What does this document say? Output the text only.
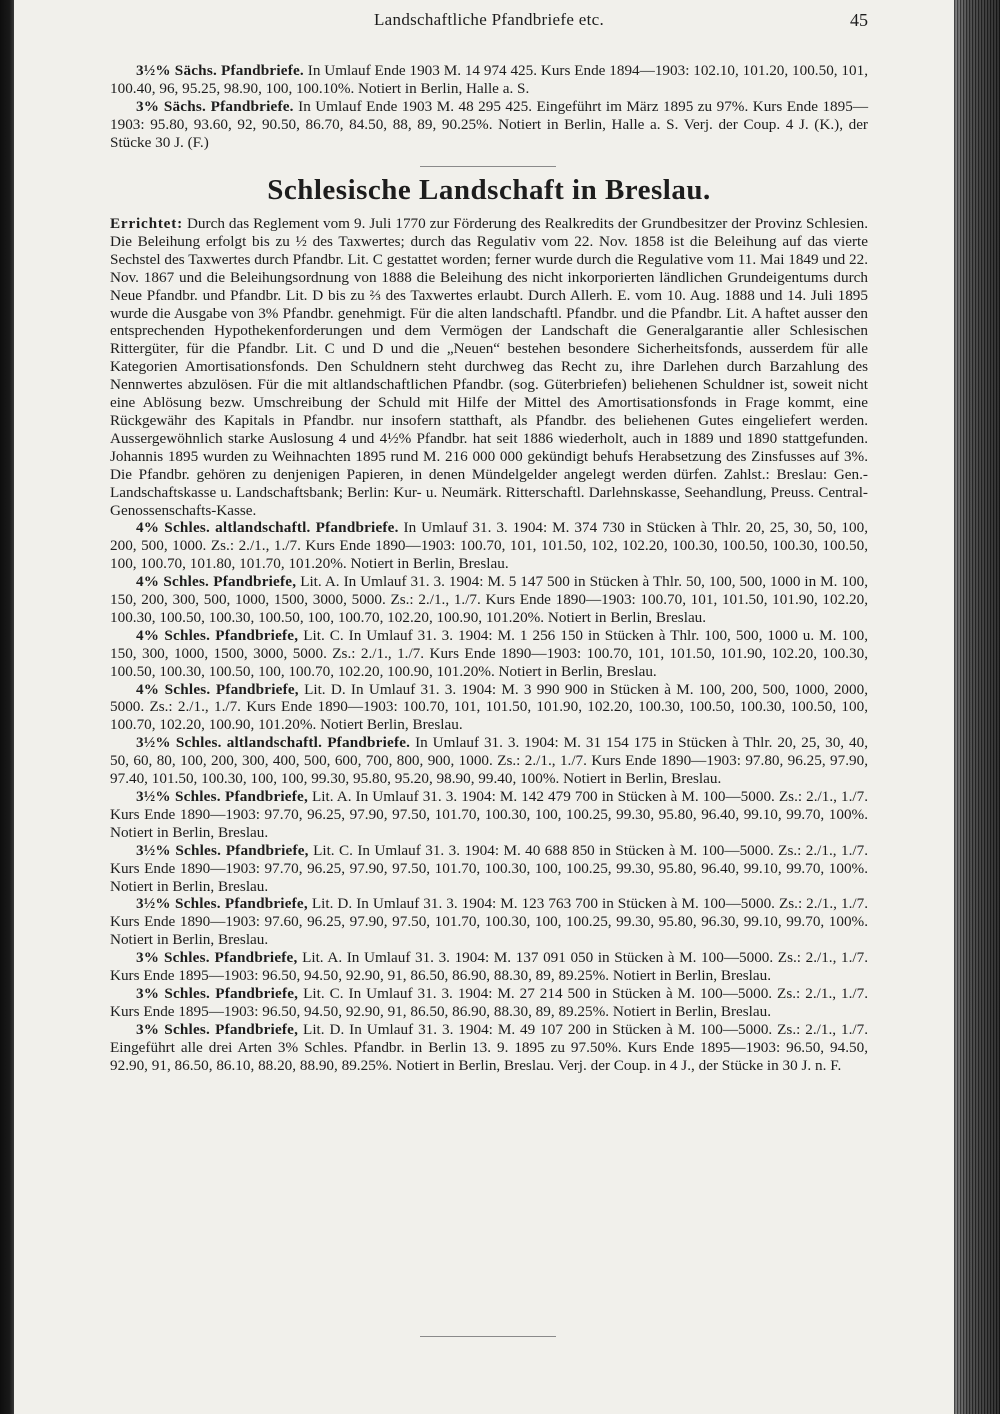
Landschaftliche Pfandbriefe etc.	45

3½% Sächs. Pfandbriefe. In Umlauf Ende 1903 M. 14 974 425. Kurs Ende 1894—1903: 102.10, 101.20, 100.50, 101, 100.40, 96, 95.25, 98.90, 100, 100.10%. Notiert in Berlin, Halle a. S.

3% Sächs. Pfandbriefe. In Umlauf Ende 1903 M. 48 295 425. Eingeführt im März 1895 zu 97%. Kurs Ende 1895—1903: 95.80, 93.60, 92, 90.50, 86.70, 84.50, 88, 89, 90.25%. Notiert in Berlin, Halle a. S. Verj. der Coup. 4 J. (K.), der Stücke 30 J. (F.)

Schlesische Landschaft in Breslau.

Errichtet: Durch das Reglement vom 9. Juli 1770 zur Förderung des Realkredits der Grundbesitzer der Provinz Schlesien. Die Beleihung erfolgt bis zu ½ des Taxwertes; durch das Regulativ vom 22. Nov. 1858 ist die Beleihung auf das vierte Sechstel des Taxwertes durch Pfandbr. Lit. C gestattet worden; ferner wurde durch die Regulative vom 11. Mai 1849 und 22. Nov. 1867 und die Beleihungsordnung von 1888 die Beleihung des nicht inkorporierten ländlichen Grundeigentums durch Neue Pfandbr. und Pfandbr. Lit. D bis zu ⅔ des Taxwertes erlaubt. Durch Allerh. E. vom 10. Aug. 1888 und 14. Juli 1895 wurde die Ausgabe von 3% Pfandbr. genehmigt. Für die alten landschaftl. Pfandbr. und die Pfandbr. Lit. A haftet ausser den entsprechenden Hypothekenforderungen und dem Vermögen der Landschaft die Generalgarantie aller Schlesischen Rittergüter, für die Pfandbr. Lit. C und D und die „Neuen“ bestehen besondere Sicherheitsfonds, ausserdem für alle Kategorien Amortisationsfonds. Den Schuldnern steht durchweg das Recht zu, ihre Darlehen durch Barzahlung des Nennwertes abzulösen. Für die mit altlandschaftlichen Pfandbr. (sog. Güterbriefen) beliehenen Schuldner ist, soweit nicht eine Ablösung bezw. Umschreibung der Schuld mit Hilfe der Mittel des Amortisationsfonds in Frage kommt, eine Rückgewähr des Kapitals in Pfandbr. nur insofern statthaft, als Pfandbr. des beliehenen Gutes eingeliefert werden. Aussergewöhnlich starke Auslosung 4 und 4½% Pfandbr. hat seit 1886 wiederholt, auch in 1889 und 1890 stattgefunden. Johannis 1895 wurden zu Weihnachten 1895 rund M. 216 000 000 gekündigt behufs Herabsetzung des Zinsfusses auf 3%. Die Pfandbr. gehören zu denjenigen Papieren, in denen Mündelgelder angelegt werden dürfen. Zahlst.: Breslau: Gen.-Landschaftskasse u. Landschaftsbank; Berlin: Kur- u. Neumärk. Ritterschaftl. Darlehnskasse, Seehandlung, Preuss. Central-Genossenschafts-Kasse.

4% Schles. altlandschaftl. Pfandbriefe. In Umlauf 31. 3. 1904: M. 374 730 in Stücken à Thlr. 20, 25, 30, 50, 100, 200, 500, 1000. Zs.: 2./1., 1./7. Kurs Ende 1890—1903: 100.70, 101, 101.50, 102, 102.20, 100.30, 100.50, 100.30, 100.50, 100, 100.70, 101.80, 101.70, 101.20%. Notiert in Berlin, Breslau.

4% Schles. Pfandbriefe, Lit. A. In Umlauf 31. 3. 1904: M. 5 147 500 in Stücken à Thlr. 50, 100, 500, 1000 in M. 100, 150, 200, 300, 500, 1000, 1500, 3000, 5000. Zs.: 2./1., 1./7. Kurs Ende 1890—1903: 100.70, 101, 101.50, 101.90, 102.20, 100.30, 100.50, 100.30, 100.50, 100, 100.70, 102.20, 100.90, 101.20%. Notiert in Berlin, Breslau.

4% Schles. Pfandbriefe, Lit. C. In Umlauf 31. 3. 1904: M. 1 256 150 in Stücken à Thlr. 100, 500, 1000 u. M. 100, 150, 300, 1000, 1500, 3000, 5000. Zs.: 2./1., 1./7. Kurs Ende 1890—1903: 100.70, 101, 101.50, 101.90, 102.20, 100.30, 100.50, 100.30, 100.50, 100, 100.70, 102.20, 100.90, 101.20%. Notiert in Berlin, Breslau.

4% Schles. Pfandbriefe, Lit. D. In Umlauf 31. 3. 1904: M. 3 990 900 in Stücken à M. 100, 200, 500, 1000, 2000, 5000. Zs.: 2./1., 1./7. Kurs Ende 1890—1903: 100.70, 101, 101.50, 101.90, 102.20, 100.30, 100.50, 100.30, 100.50, 100, 100.70, 102.20, 100.90, 101.20%. Notiert Berlin, Breslau.

3½% Schles. altlandschaftl. Pfandbriefe. In Umlauf 31. 3. 1904: M. 31 154 175 in Stücken à Thlr. 20, 25, 30, 40, 50, 60, 80, 100, 200, 300, 400, 500, 600, 700, 800, 900, 1000. Zs.: 2./1., 1./7. Kurs Ende 1890—1903: 97.80, 96.25, 97.90, 97.40, 101.50, 100.30, 100, 100, 99.30, 95.80, 95.20, 98.90, 99.40, 100%. Notiert in Berlin, Breslau.

3½% Schles. Pfandbriefe, Lit. A. In Umlauf 31. 3. 1904: M. 142 479 700 in Stücken à M. 100—5000. Zs.: 2./1., 1./7. Kurs Ende 1890—1903: 97.70, 96.25, 97.90, 97.50, 101.70, 100.30, 100, 100.25, 99.30, 95.80, 96.40, 99.10, 99.70, 100%. Notiert in Berlin, Breslau.

3½% Schles. Pfandbriefe, Lit. C. In Umlauf 31. 3. 1904: M. 40 688 850 in Stücken à M. 100—5000. Zs.: 2./1., 1./7. Kurs Ende 1890—1903: 97.70, 96.25, 97.90, 97.50, 101.70, 100.30, 100, 100.25, 99.30, 95.80, 96.40, 99.10, 99.70, 100%. Notiert in Berlin, Breslau.

3½% Schles. Pfandbriefe, Lit. D. In Umlauf 31. 3. 1904: M. 123 763 700 in Stücken à M. 100—5000. Zs.: 2./1., 1./7. Kurs Ende 1890—1903: 97.60, 96.25, 97.90, 97.50, 101.70, 100.30, 100, 100.25, 99.30, 95.80, 96.30, 99.10, 99.70, 100%. Notiert in Berlin, Breslau.

3% Schles. Pfandbriefe, Lit. A. In Umlauf 31. 3. 1904: M. 137 091 050 in Stücken à M. 100—5000. Zs.: 2./1., 1./7. Kurs Ende 1895—1903: 96.50, 94.50, 92.90, 91, 86.50, 86.90, 88.30, 89, 89.25%. Notiert in Berlin, Breslau.

3% Schles. Pfandbriefe, Lit. C. In Umlauf 31. 3. 1904: M. 27 214 500 in Stücken à M. 100—5000. Zs.: 2./1., 1./7. Kurs Ende 1895—1903: 96.50, 94.50, 92.90, 91, 86.50, 86.90, 88.30, 89, 89.25%. Notiert in Berlin, Breslau.

3% Schles. Pfandbriefe, Lit. D. In Umlauf 31. 3. 1904: M. 49 107 200 in Stücken à M. 100—5000. Zs.: 2./1., 1./7. Eingeführt alle drei Arten 3% Schles. Pfandbr. in Berlin 13. 9. 1895 zu 97.50%. Kurs Ende 1895—1903: 96.50, 94.50, 92.90, 91, 86.50, 86.10, 88.20, 88.90, 89.25%. Notiert in Berlin, Breslau. Verj. der Coup. in 4 J., der Stücke in 30 J. n. F.
